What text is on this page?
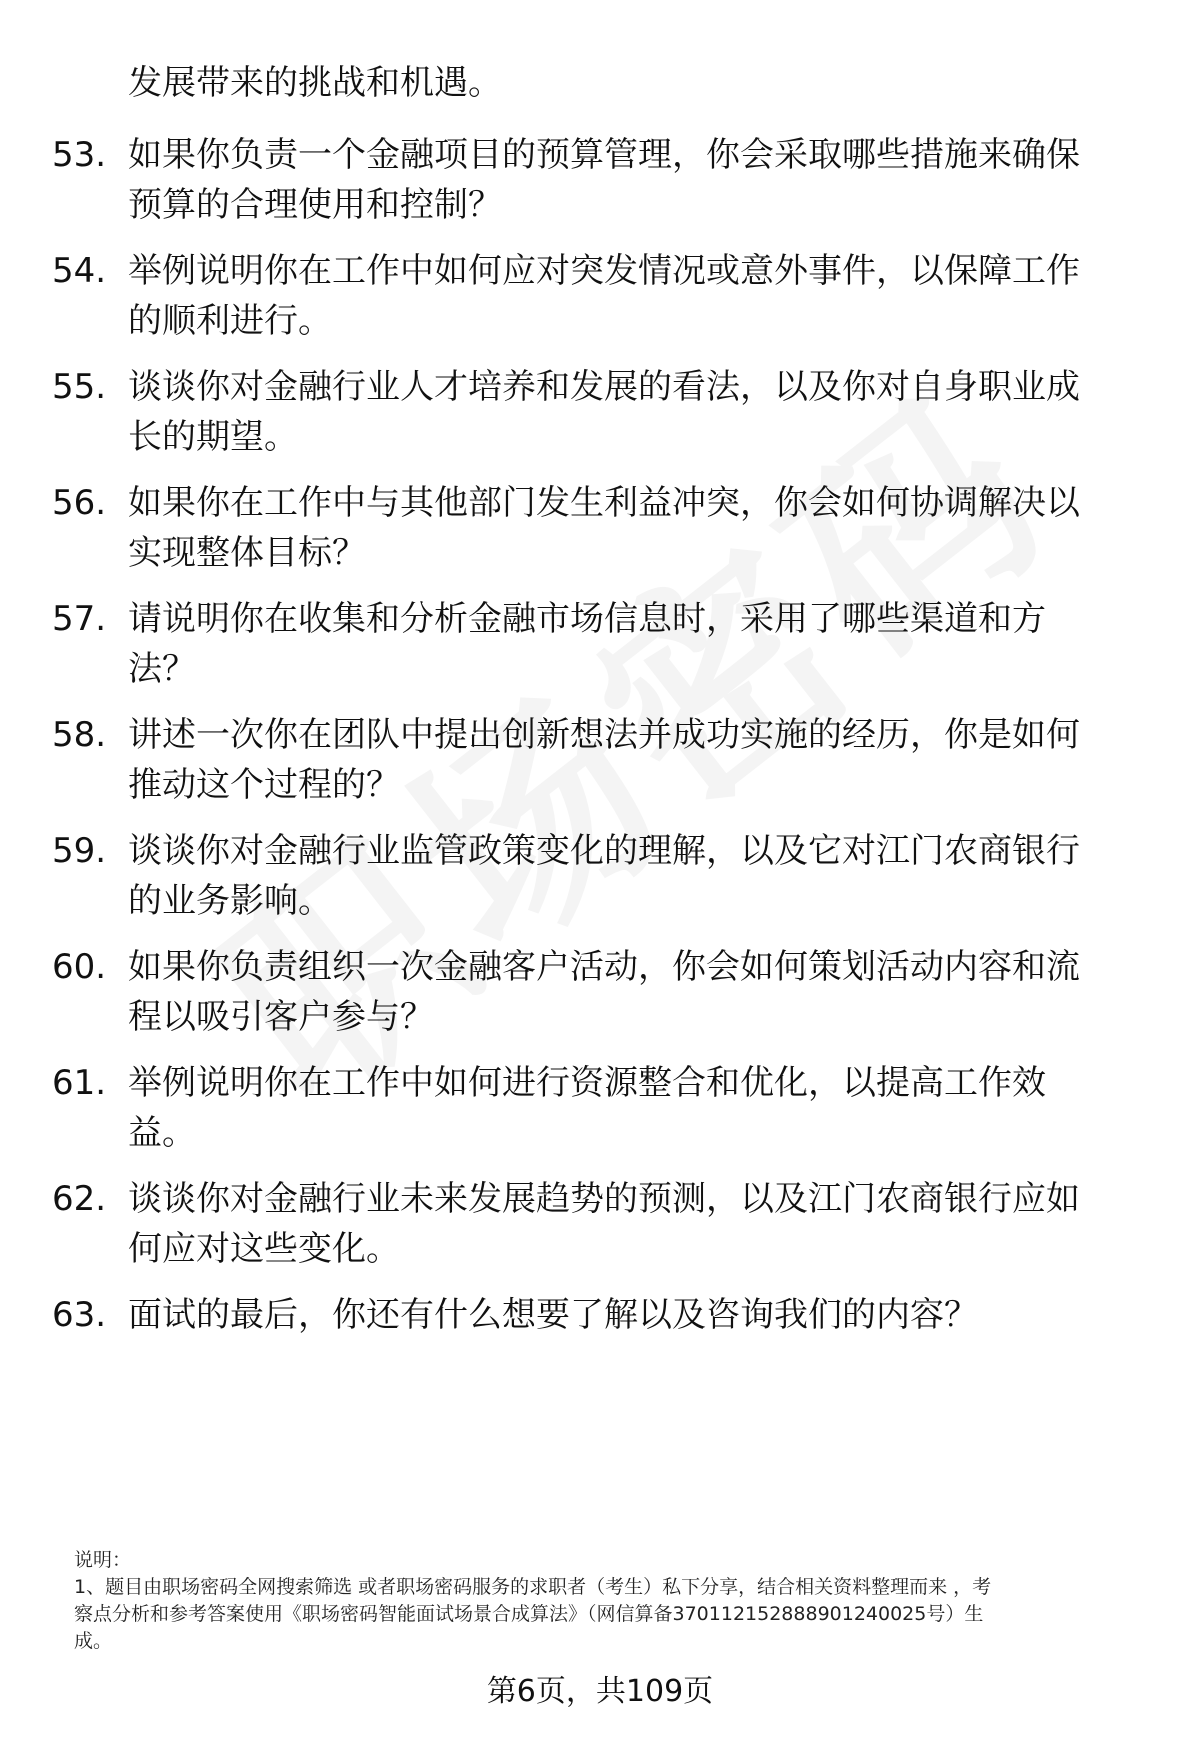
发展带来的挑战和机遇。
53. 如果你负责一个金融项目的预算管理，你会采取哪些措施来确保
预算的合理使用和控制？
54. 举例说明你在工作中如何应对突发情况或意外事件，以保障工作
的顺利进行。
55. 谈谈你对金融行业人才培养和发展的看法，以及你对自身职业成
长的期望。
56. 如果你在工作中与其他部门发生利益冲突，你会如何协调解决以
实现整体目标？
57. 请说明你在收集和分析金融市场信息时，采用了哪些渠道和方
法？
58. 讲述一次你在团队中提出创新想法并成功实施的经历，你是如何
推动这个过程的？
59. 谈谈你对金融行业监管政策变化的理解，以及它对江门农商银行
的业务影响。
60. 如果你负责组织一次金融客户活动，你会如何策划活动内容和流
程以吸引客户参与？
61. 举例说明你在工作中如何进行资源整合和优化，以提高工作效
益。
62. 谈谈你对金融行业未来发展趋势的预测，以及江门农商银行应如
何应对这些变化。
63. 面试的最后，你还有什么想要了解以及咨询我们的内容？
说明：
1、题目由职场密码全网搜索筛选 或者职场密码服务的求职者（考生）私下分享，结合相关资料整理而来 ，考
察点分析和参考答案使用《职场密码智能面试场景合成算法》（网信算备370112152888901240025号）生
成。
第6页，共109页
